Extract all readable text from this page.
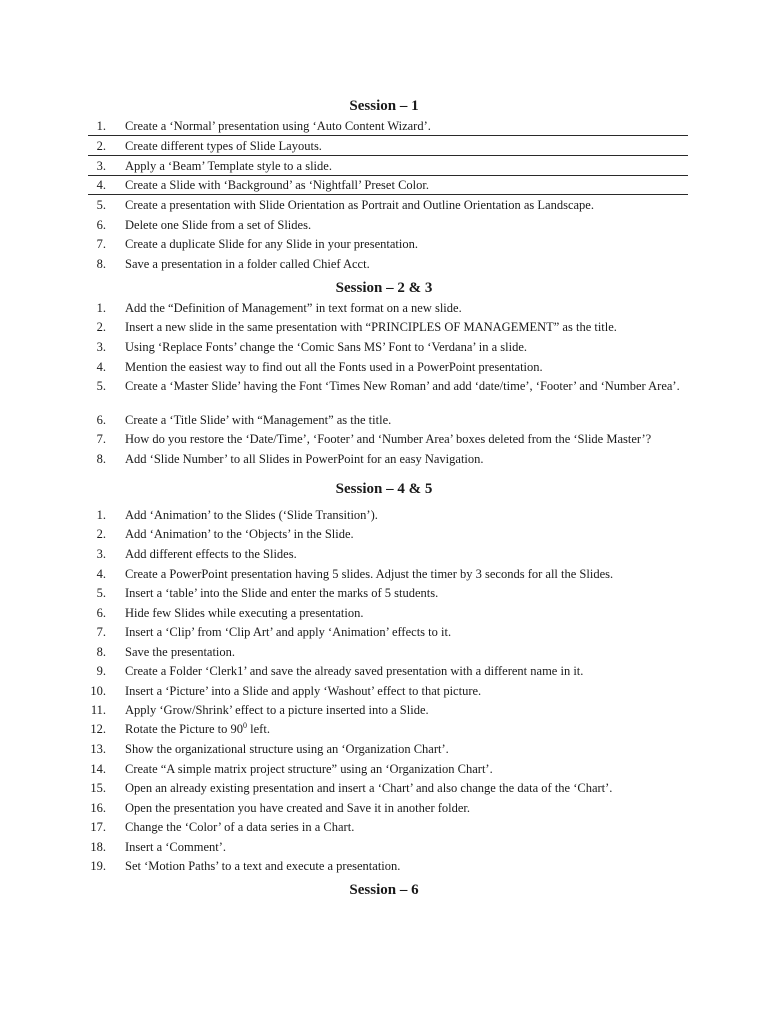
Session – 1
1. Create a ‘Normal’ presentation using ‘Auto Content Wizard’.
2. Create different types of Slide Layouts.
3. Apply a ‘Beam’ Template style to a slide.
4. Create a Slide with ‘Background’ as ‘Nightfall’ Preset Color.
5. Create a presentation with Slide Orientation as Portrait and Outline Orientation as Landscape.
6. Delete one Slide from a set of Slides.
7. Create a duplicate Slide for any Slide in your presentation.
8. Save a presentation in a folder called Chief Acct.
Session – 2 & 3
1. Add the “Definition of Management” in text format on a new slide.
2. Insert a new slide in the same presentation with “PRINCIPLES OF MANAGEMENT” as the title.
3. Using ‘Replace Fonts’ change the ‘Comic Sans MS’ Font to ‘Verdana’ in a slide.
4. Mention the easiest way to find out all the Fonts used in a PowerPoint presentation.
5. Create a ‘Master Slide’ having the Font ‘Times New Roman’ and add ‘date/time’, ‘Footer’ and ‘Number Area’.
6. Create a ‘Title Slide’ with “Management” as the title.
7. How do you restore the ‘Date/Time’, ‘Footer’ and ‘Number Area’ boxes deleted from the ‘Slide Master’?
8. Add ‘Slide Number’ to all Slides in PowerPoint for an easy Navigation.
Session – 4 & 5
1. Add ‘Animation’ to the Slides (‘Slide Transition’).
2. Add ‘Animation’ to the ‘Objects’ in the Slide.
3. Add different effects to the Slides.
4. Create a PowerPoint presentation having 5 slides. Adjust the timer by 3 seconds for all the Slides.
5. Insert a ‘table’ into the Slide and enter the marks of 5 students.
6. Hide few Slides while executing a presentation.
7. Insert a ‘Clip’ from ‘Clip Art’ and apply ‘Animation’ effects to it.
8. Save the presentation.
9. Create a Folder ‘Clerk1’ and save the already saved presentation with a different name in it.
10. Insert a ‘Picture’ into a Slide and apply ‘Washout’ effect to that picture.
11. Apply ‘Grow/Shrink’ effect to a picture inserted into a Slide.
12. Rotate the Picture to $90^0$ left.
13. Show the organizational structure using an ‘Organization Chart’.
14. Create “A simple matrix project structure” using an ‘Organization Chart’.
15. Open an already existing presentation and insert a ‘Chart’ and also change the data of the ‘Chart’.
16. Open the presentation you have created and Save it in another folder.
17. Change the ‘Color’ of a data series in a Chart.
18. Insert a ‘Comment’.
19. Set ‘Motion Paths’ to a text and execute a presentation.
Session – 6
